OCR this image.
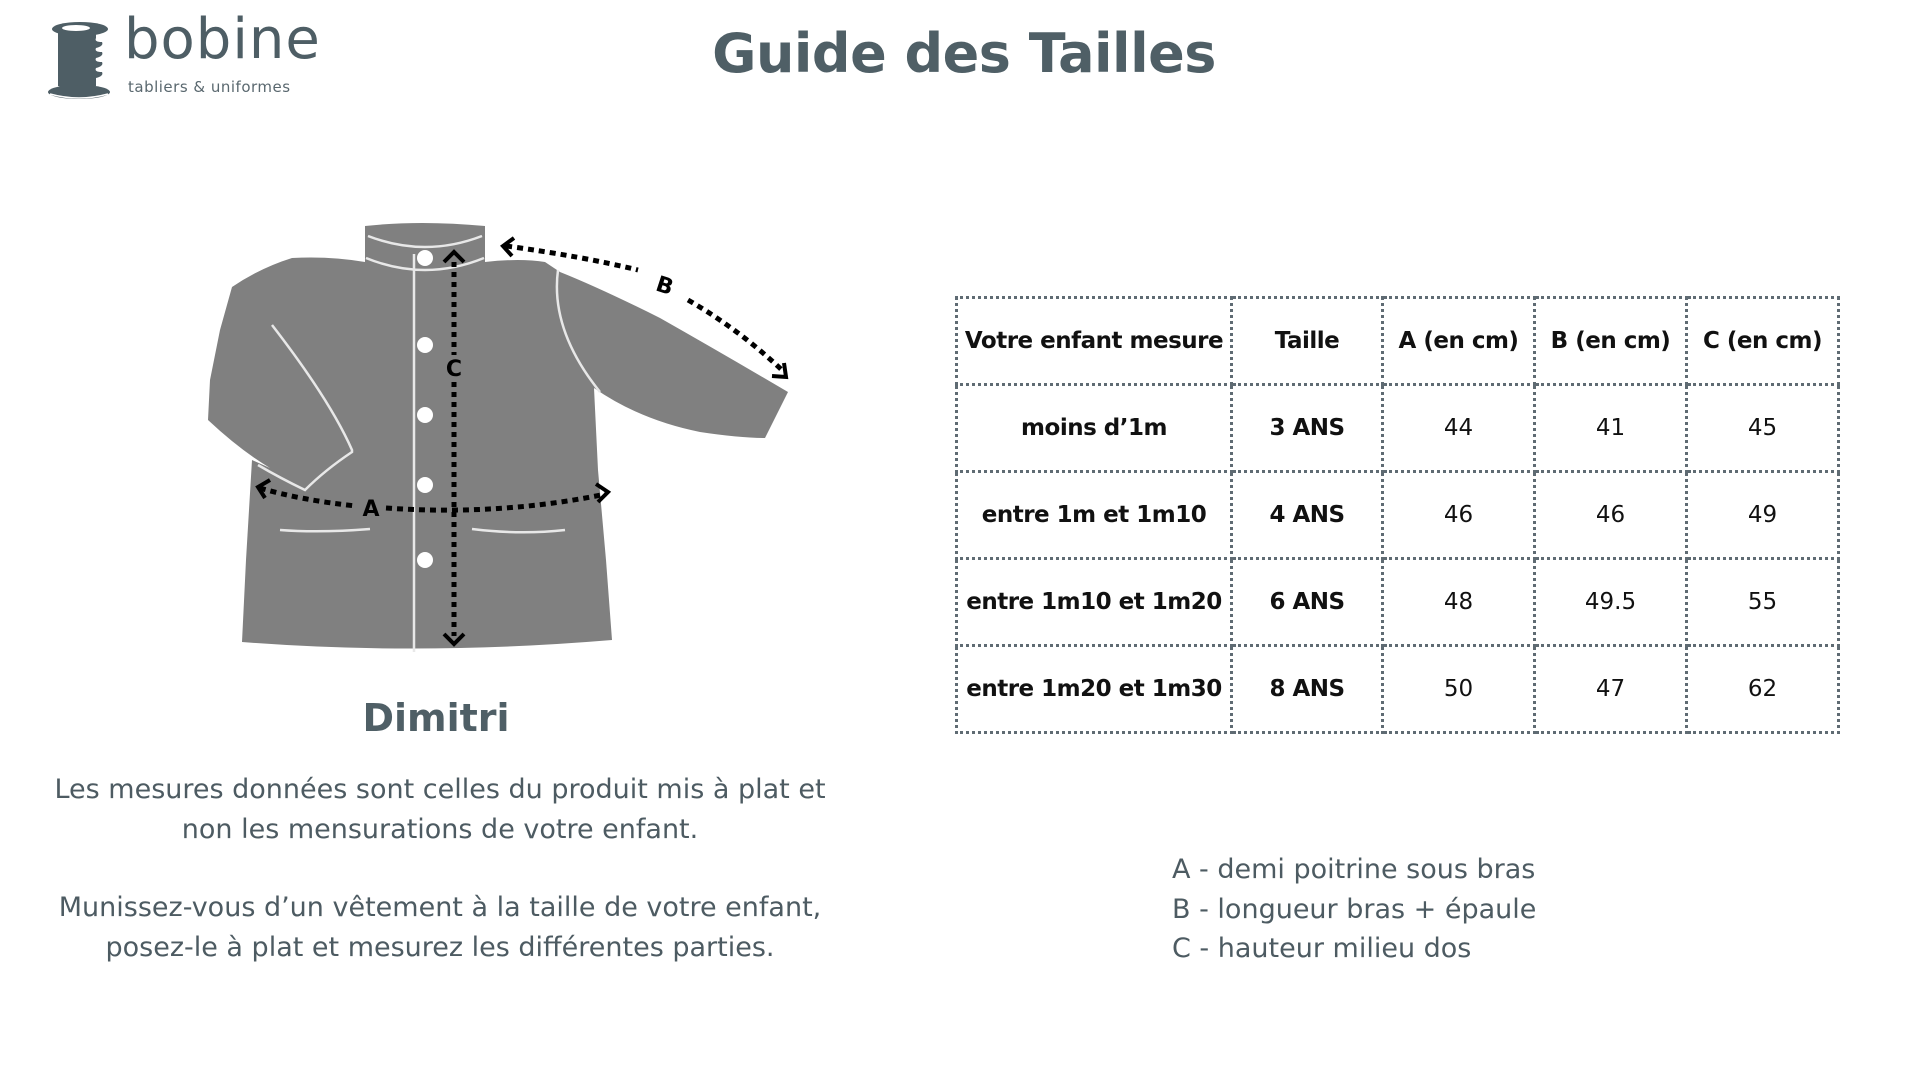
bobine
tabliers & uniformes
Guide des Tailles
C
A
B
Dimitri

Les mesures données sont celles du produit mis à plat et
non les mensurations de votre enfant.

Munissez-vous d’un vêtement à la taille de votre enfant,
posez-le à plat et mesurez les différentes parties.

Votre enfant mesure	Taille	A (en cm)	B (en cm)	C (en cm)
moins d’1m	3 ANS	44	41	45
entre 1m et 1m10	4 ANS	46	46	49
entre 1m10 et 1m20	6 ANS	48	49.5	55
entre 1m20 et 1m30	8 ANS	50	47	62
A - demi poitrine sous bras
B - longueur bras + épaule
C - hauteur milieu dos
